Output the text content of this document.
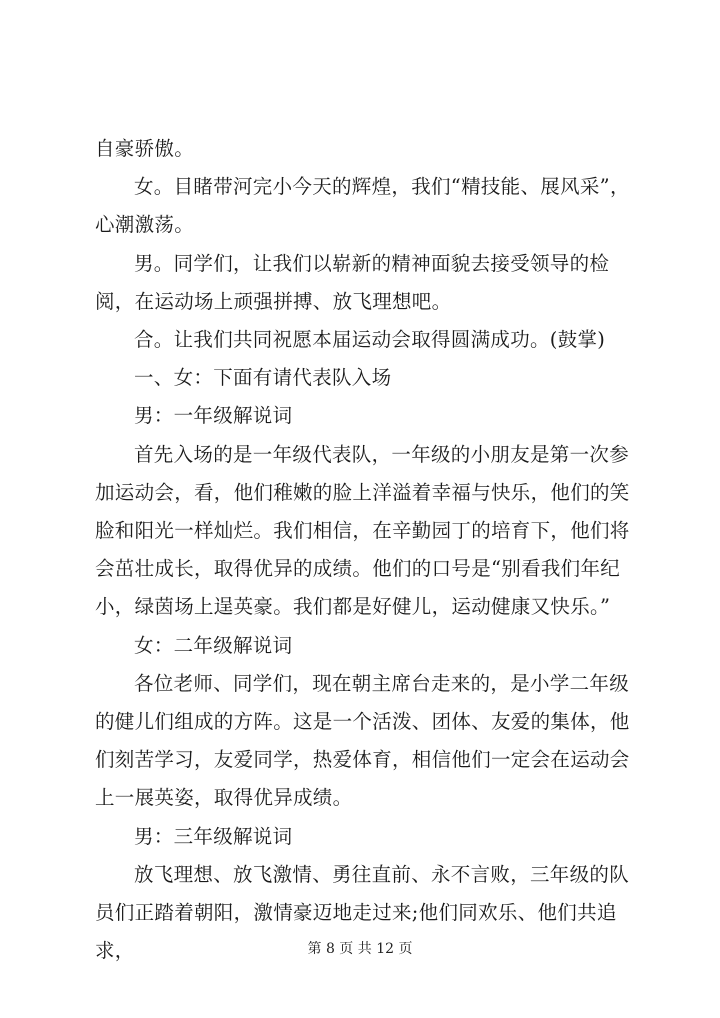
自豪骄傲。

女。目睹带河完小今天的辉煌，我们“精技能、展风采”，心潮激荡。

男。同学们，让我们以崭新的精神面貌去接受领导的检阅，在运动场上顽强拼搏、放飞理想吧。

合。让我们共同祝愿本届运动会取得圆满成功。(鼓掌)

一、女：下面有请代表队入场

男：一年级解说词

首先入场的是一年级代表队，一年级的小朋友是第一次参加运动会，看，他们稚嫩的脸上洋溢着幸福与快乐，他们的笑脸和阳光一样灿烂。我们相信，在辛勤园丁的培育下，他们将会茁壮成长，取得优异的成绩。他们的口号是“别看我们年纪小，绿茵场上逞英豪。我们都是好健儿，运动健康又快乐。”

女：二年级解说词

各位老师、同学们，现在朝主席台走来的，是小学二年级的健儿们组成的方阵。这是一个活泼、团体、友爱的集体，他们刻苦学习，友爱同学，热爱体育，相信他们一定会在运动会上一展英姿，取得优异成绩。

男：三年级解说词

放飞理想、放飞激情、勇往直前、永不言败，三年级的队员们正踏着朝阳，激情豪迈地走过来;他们同欢乐、他们共追求，	第 8 页 共 12 页
